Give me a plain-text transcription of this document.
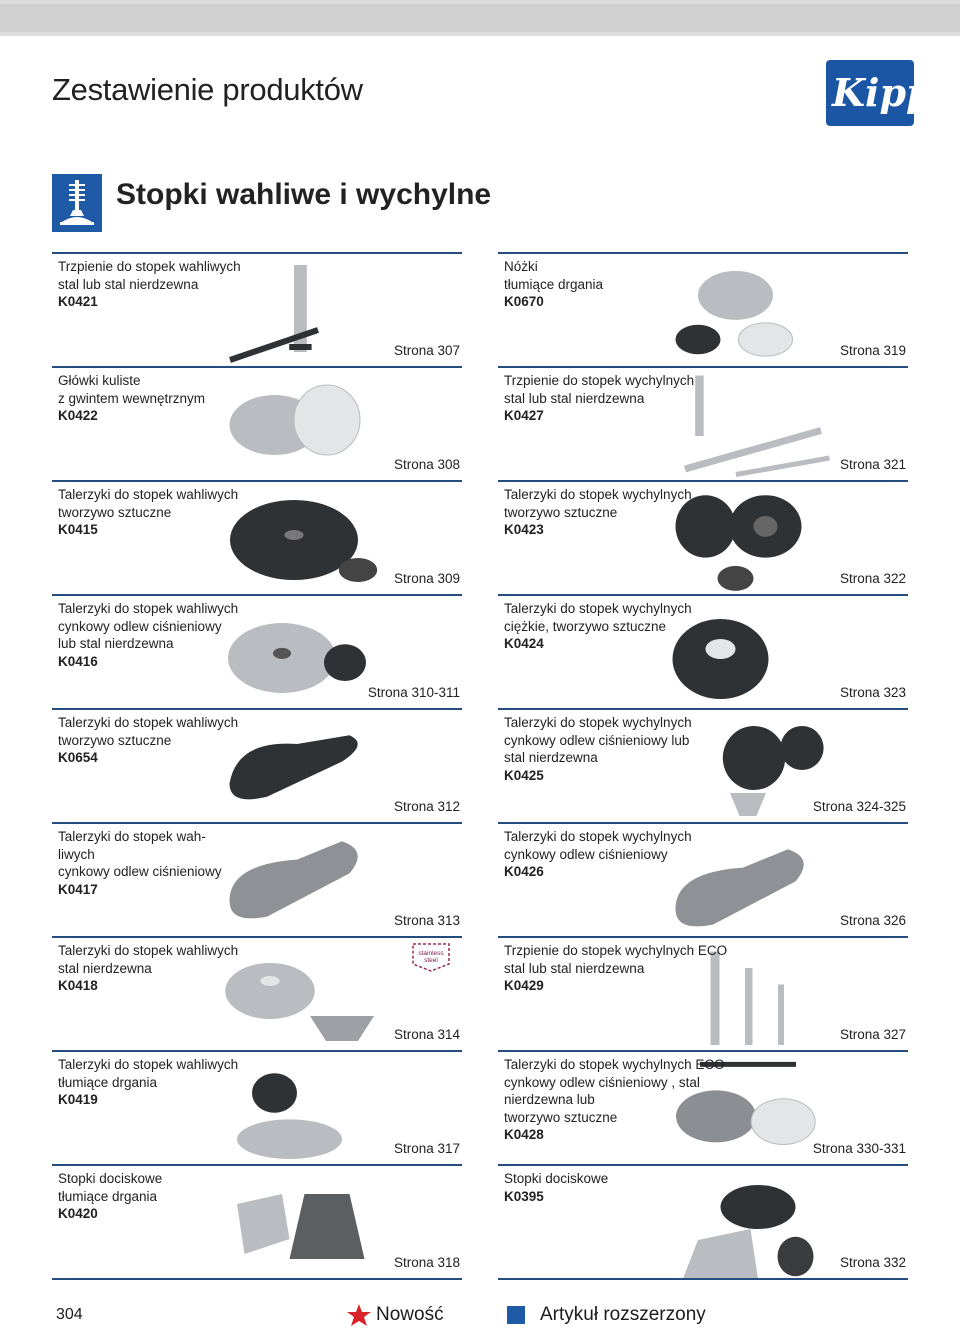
Zestawienie produktów	Kipp
Stopki wahliwe i wychylne
Trzpienie do stopek wahliwych
stal lub stal nierdzewna
K0421
Strona 307
Główki kuliste
z gwintem wewnętrznym
K0422
Strona 308
Talerzyki do stopek wahliwych
tworzywo sztuczne
K0415
Strona 309
Talerzyki do stopek wahliwych
cynkowy odlew ciśnieniowy
lub stal nierdzewna
K0416
Strona 310-311
Talerzyki do stopek wahliwych
tworzywo sztuczne
K0654
Strona 312
Talerzyki do stopek wah-
liwych
cynkowy odlew ciśnieniowy
K0417
Strona 313
Talerzyki do stopek wahliwych
stal nierdzewna
K0418
Strona 314
Talerzyki do stopek wahliwych
tłumiące drgania
K0419
Strona 317
Stopki dociskowe
tłumiące drgania
K0420
Strona 318
Nóżki
tłumiące drgania
K0670
Strona 319
Trzpienie do stopek wychylnych
stal lub stal nierdzewna
K0427
Strona 321
Talerzyki do stopek wychylnych
tworzywo sztuczne
K0423
Strona 322
Talerzyki do stopek wychylnych
ciężkie, tworzywo sztuczne
K0424
Strona 323
Talerzyki do stopek wychylnych
cynkowy odlew ciśnieniowy lub
stal nierdzewna
K0425
Strona 324-325
Talerzyki do stopek wychylnych
cynkowy odlew ciśnieniowy
K0426
Strona 326
Trzpienie do stopek wychylnych ECO
stal lub stal nierdzewna
K0429
Strona 327
Talerzyki do stopek wychylnych ECO
cynkowy odlew ciśnieniowy , stal
nierdzewna lub
tworzywo sztuczne
K0428
Strona 330-331
Stopki dociskowe
K0395
Strona 332
304	Nowość	Artykuł rozszerzony
stainless
steel
